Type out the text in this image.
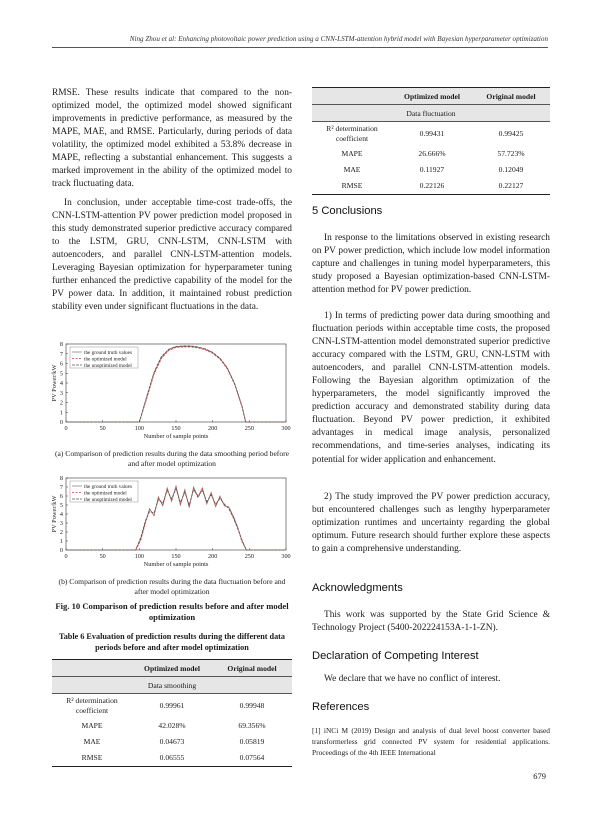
Ning Zhou et al: Enhancing photovoltaic power prediction using a CNN-LSTM-attention hybrid model with Bayesian hyperparameter optimization

RMSE. These results indicate that compared to the non-optimized model, the optimized model showed significant improvements in predictive performance, as measured by the MAPE, MAE, and RMSE. Particularly, during periods of data volatility, the optimized model exhibited a 53.8% decrease in MAPE, reflecting a substantial enhancement. This suggests a marked improvement in the ability of the optimized model to track fluctuating data.

In conclusion, under acceptable time-cost trade-offs, the CNN-LSTM-attention PV power prediction model proposed in this study demonstrated superior predictive accuracy compared to the LSTM, GRU, CNN-LSTM, CNN-LSTM with autoencoders, and parallel CNN-LSTM-attention models. Leveraging Bayesian optimization for hyperparameter tuning further enhanced the predictive capability of the model for the PV power data. In addition, it maintained robust prediction stability even under significant fluctuations in the data.

0	50	100	150	200	250	300
0
1
2
3
4
5
6
7
8
Number of sample points
PV Power/kW
the ground truth values
the optimized model
the unoptimized model
(a) Comparison of prediction results during the data smoothing period before and after model optimization
0	50	100	150	200	250	300
0
1
2
3
4
5
6
7
8
Number of sample points
PV Power/kW
the ground truth values
the optimized model
the unoptimized model
(b) Comparison of prediction results during the data fluctuation before and after model optimization
Fig. 10 Comparison of prediction results before and after model optimization
Table 6 Evaluation of prediction results during the different data periods before and after model optimization
	Optimized model	Original model
Data smoothing		
R² determination coefficient	0.99961	0.99948
MAPE	42.028%	69.356%
MAE	0.04673	0.05819
RMSE	0.06555	0.07564
	Optimized model	Original model
Data fluctuation		
R² determination coefficient	0.99431	0.99425
MAPE	26.666%	57.723%
MAE	0.11927	0.12049
RMSE	0.22126	0.22127
5 Conclusions

In response to the limitations observed in existing research on PV power prediction, which include low model information capture and challenges in tuning model hyperparameters, this study proposed a Bayesian optimization-based CNN-LSTM-attention method for PV power prediction.

1) In terms of predicting power data during smoothing and fluctuation periods within acceptable time costs, the proposed CNN-LSTM-attention model demonstrated superior predictive accuracy compared with the LSTM, GRU, CNN-LSTM with autoencoders, and parallel CNN-LSTM-attention models. Following the Bayesian algorithm optimization of the hyperparameters, the model significantly improved the prediction accuracy and demonstrated stability during data fluctuation. Beyond PV power prediction, it exhibited advantages in medical image analysis, personalized recommendations, and time-series analyses, indicating its potential for wider application and enhancement.

2) The study improved the PV power prediction accuracy, but encountered challenges such as lengthy hyperparameter optimization runtimes and uncertainty regarding the global optimum. Future research should further explore these aspects to gain a comprehensive understanding.

Acknowledgments

This work was supported by the State Grid Science & Technology Project (5400-202224153A-1-1-ZN).

Declaration of Competing Interest

We declare that we have no conflict of interest.

References
[1] iNCi M (2019) Design and analysis of dual level boost converter based transformerless grid connected PV system for residential applications. Proceedings of the 4th IEEE International
679
